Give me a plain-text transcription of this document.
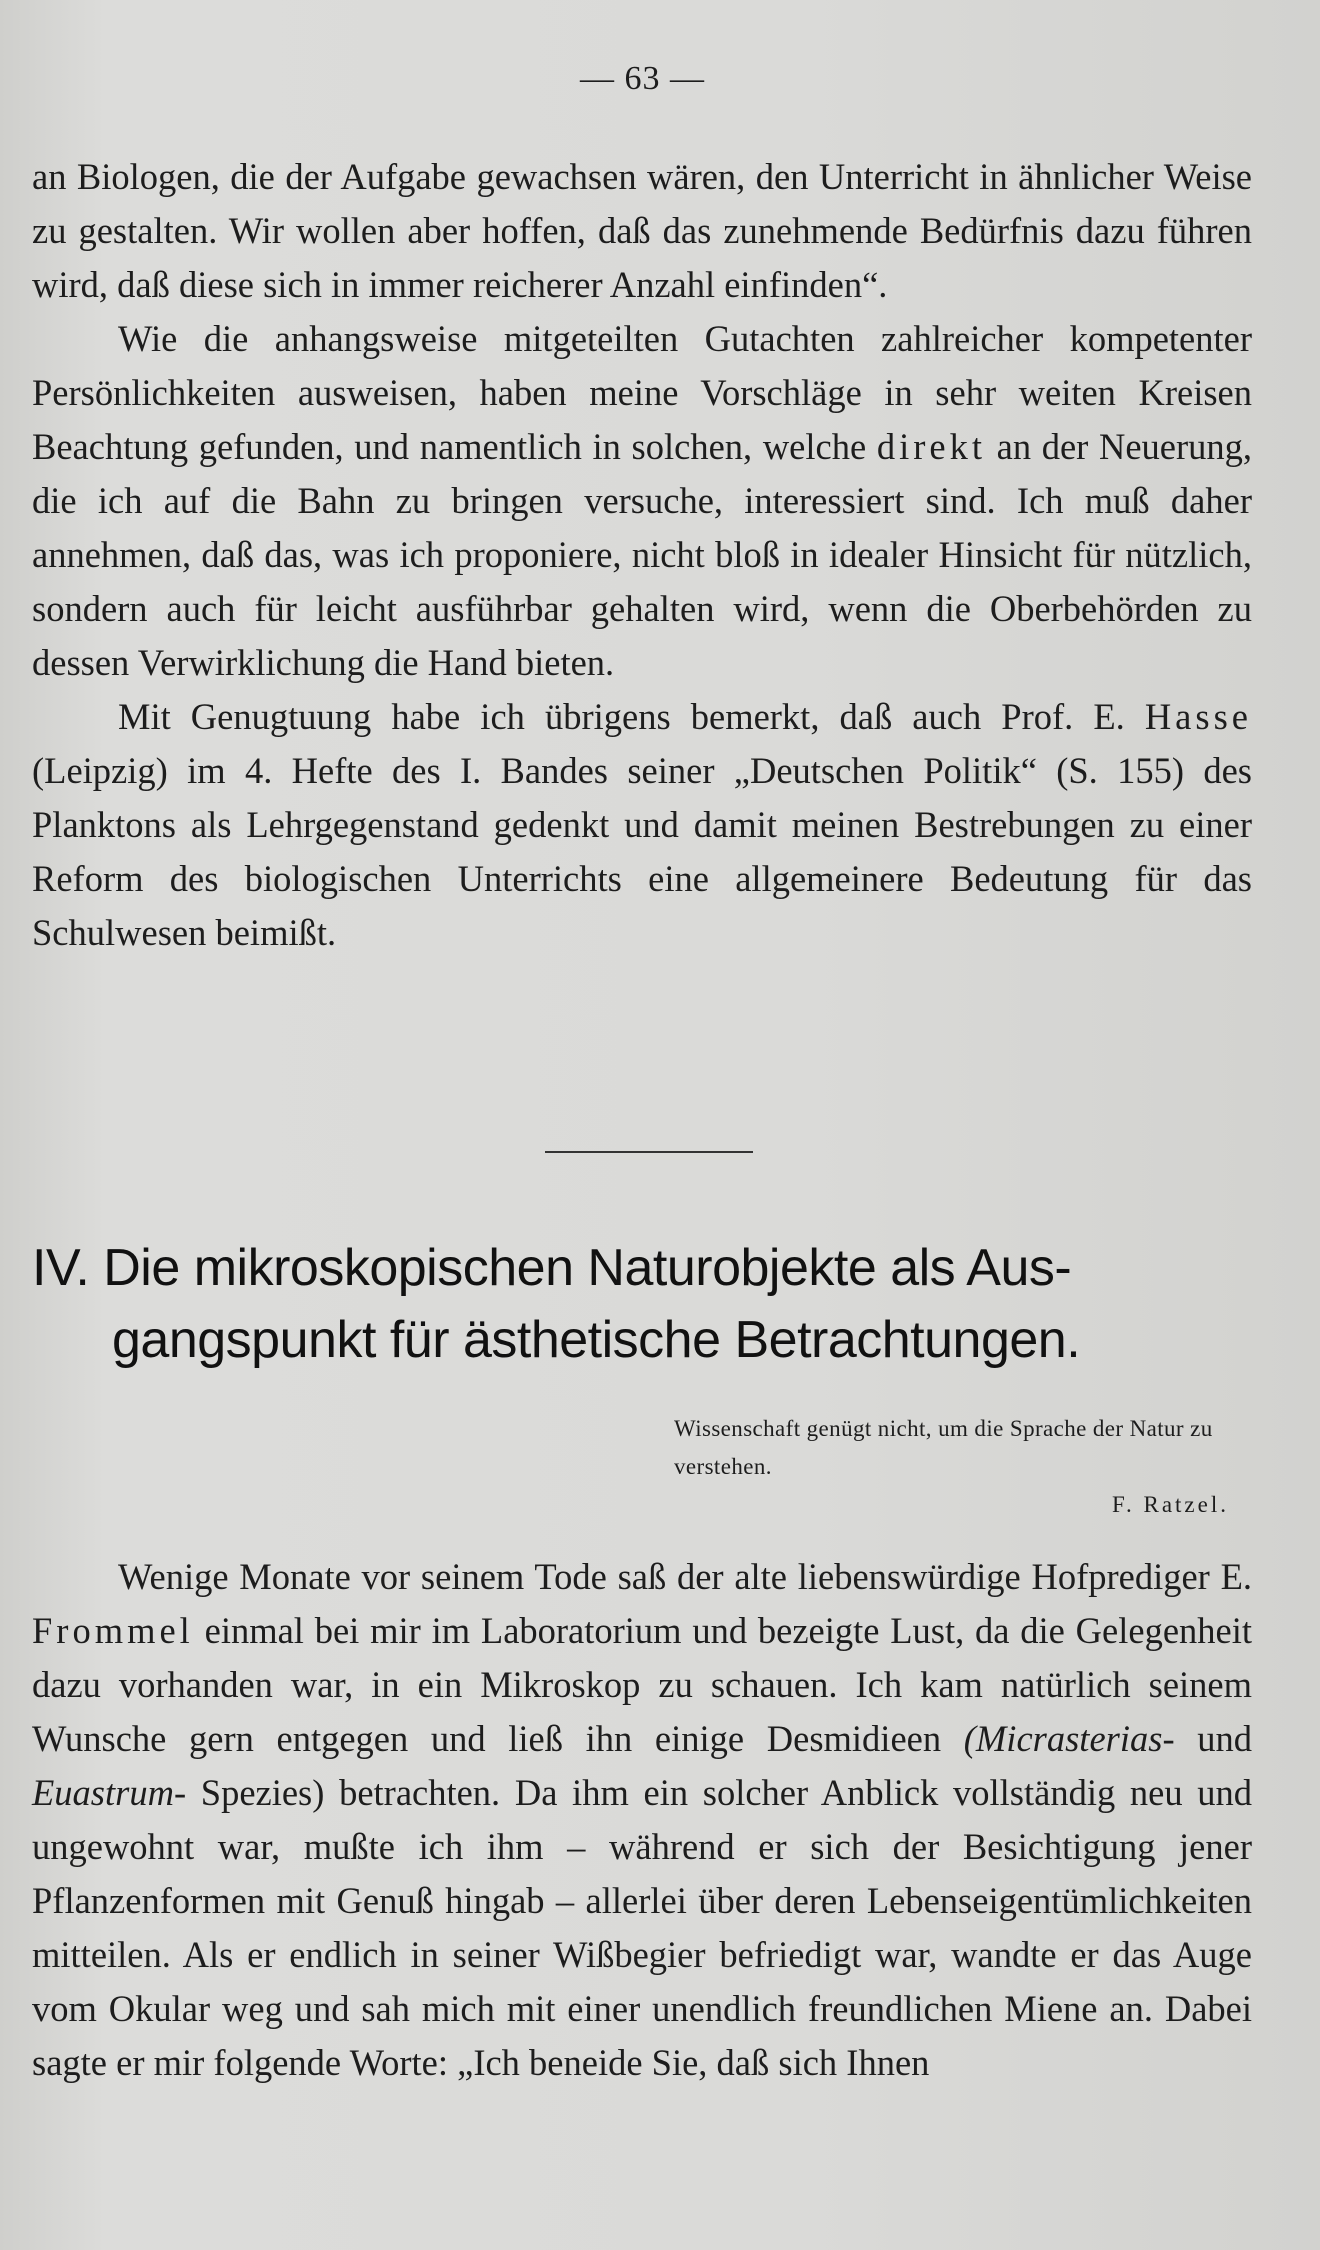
— 63 —

an Biologen, die der Aufgabe gewachsen wären, den Unterricht in ähnlicher Weise zu gestalten. Wir wollen aber hoffen, daß das zunehmende Bedürfnis dazu führen wird, daß diese sich in immer reicherer Anzahl einfinden“.

Wie die anhangsweise mitgeteilten Gutachten zahlreicher kompetenter Persönlichkeiten ausweisen, haben meine Vorschläge in sehr weiten Kreisen Beachtung gefunden, und namentlich in solchen, welche direkt an der Neuerung, die ich auf die Bahn zu bringen versuche, interessiert sind. Ich muß daher annehmen, daß das, was ich proponiere, nicht bloß in idealer Hinsicht für nützlich, sondern auch für leicht ausführbar gehalten wird, wenn die Oberbehörden zu dessen Verwirklichung die Hand bieten.

Mit Genugtuung habe ich übrigens bemerkt, daß auch Prof. E. Hasse (Leipzig) im 4. Hefte des I. Bandes seiner „Deutschen Politik“ (S. 155) des Planktons als Lehrgegenstand gedenkt und damit meinen Bestrebungen zu einer Reform des biologischen Unterrichts eine allgemeinere Bedeutung für das Schulwesen beimißt.

IV. Die mikroskopischen Naturobjekte als Aus-
gangspunkt für ästhetische Betrachtungen.
Wissenschaft genügt nicht, um die Sprache der Natur zu verstehen.
F. Ratzel.

Wenige Monate vor seinem Tode saß der alte liebenswürdige Hofprediger E. Frommel einmal bei mir im Laboratorium und bezeigte Lust, da die Gelegenheit dazu vorhanden war, in ein Mikroskop zu schauen. Ich kam natürlich seinem Wunsche gern entgegen und ließ ihn einige Desmidieen (Micrasterias- und Euastrum- Spezies) betrachten. Da ihm ein solcher Anblick vollständig neu und ungewohnt war, mußte ich ihm – während er sich der Besichtigung jener Pflanzenformen mit Genuß hingab – allerlei über deren Lebenseigentümlichkeiten mitteilen. Als er endlich in seiner Wißbegier befriedigt war, wandte er das Auge vom Okular weg und sah mich mit einer unendlich freundlichen Miene an. Dabei sagte er mir folgende Worte: „Ich beneide Sie, daß sich Ihnen
